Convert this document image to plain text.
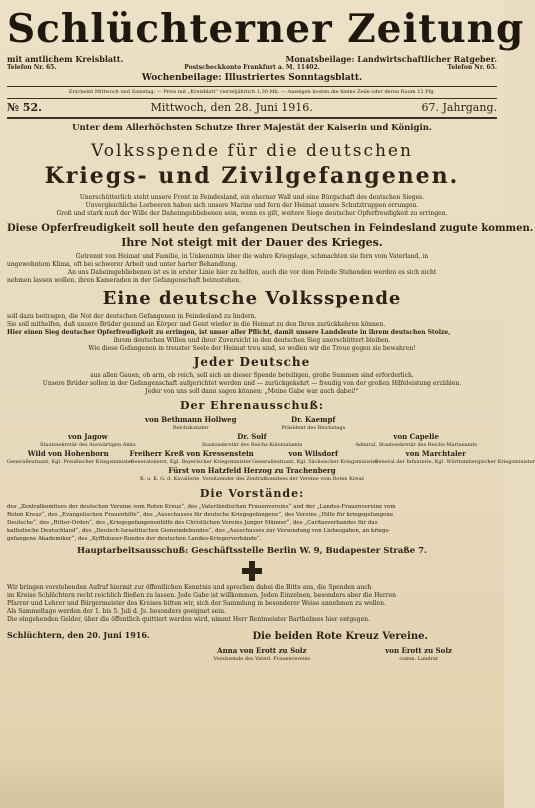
Schlüchterner Zeitung
mit amtlichem Kreisblatt.	Monatsbeilage: Landwirtschaftlicher Ratgeber.
Telefon Nr. 65.	Postscheckkonto Frankfurt a. M. 11402.	Telefon Nr. 65.
Wochenbeilage: Illustriertes Sonntagsblatt.
Erscheint Mittwoch und Samstag. — Preis mit „Kreisblatt“ vierteljährlich 1,30 Mk. — Anzeigen kosten die kleine Zeile oder deren Raum 12 Pfg.
№ 52.	Mittwoch, den 28. Juni 1916.	67. Jahrgang.
Unter dem Allerhöchsten Schutze Ihrer Majestät der Kaiserin und Königin.
Volksspende für die deutschen
Kriegs- und Zivilgefangenen.
Unerschütterlich steht unsere Front in Feindesland, ein eherner Wall und eine Bürgschaft des deutschen Sieges.
Unvergleichliche Lorbeeren haben sich unsere Marine und fern der Heimat unsere Schutztruppen errungen.
Groß und stark muß der Wille der Daheimgebliebenen sein, wenn es gilt, weitere Siege deutscher Opferfreudigkeit zu erringen.
Diese Opferfreudigkeit soll heute den gefangenen Deutschen in Feindesland zugute kommen.
Ihre Not steigt mit der Dauer des Krieges.
Getrennt von Heimat und Familie, in Unkenntnis über die wahre Kriegslage, schmachten sie fern vom Vaterland, in
ungewohntem Klima, oft bei schwerer Arbeit und unter harter Behandlung.
An uns Daheimgebliebenen ist es in erster Linie hier zu helfen, auch die vor dem Feinde Stehenden werden es sich nicht
nehmen lassen wollen, ihren Kameraden in der Gefangenschaft beizustehen.
Eine deutsche Volksspende
soll dazu beitragen, die Not der deutschen Gefangenen in Feindesland zu lindern.
Sie soll mithelfen, daß unsere Brüder gesund an Körper und Geist wieder in die Heimat zu den Ihren zurückkehren können.
Hier einen Sieg deutscher Opferfreudigkeit zu erringen, ist unser aller Pflicht, damit unsere Landsleute in ihrem deutschen Stolze,
ihrem deutschen Willen und ihrer Zuversicht in den deutschen Sieg unerschüttert bleiben.
Wie diese Gefangenen in treuster Seele der Heimat treu sind, so wollen wir die Treue gegen sie bewahren!
Jeder Deutsche
aus allen Gauen, ob arm, ob reich, soll sich an dieser Spende beteiligen, große Summen sind erforderlich.
Unsere Brüder sollen in der Gefangenschaft aufgerichtet werden und — zurückgekehrt — freudig von der großen Hilfeleistung erzählen.
Jeder von uns soll dann sagen können: „Meine Gabe war auch dabei!“
Der Ehrenausschuß:
von Bethmann Hollweg
Reichskanzler
Dr. Kaempf
Präsident des Reichstags
von Jagow
Staatssekretär des Auswärtigen Amts
Dr. Solf
Staatssekretär des Reichs-Kolonialamts
von Capelle
Admiral, Staatssekretär des Reichs-Marineamts
Wild von Hohenborn
Generalleutnant, Kgl. Preußischer Kriegsminister
Freiherr Kreß von Kressenstein
Generaloberst, Kgl. Bayerischer Kriegsminister
von Wilsdorf
Generalleutnant, Kgl. Sächsischer Kriegsminister
von Marchtaler
General der Infanterie, Kgl. Württembergischer Kriegsminister
Fürst von Hatzfeld Herzog zu Trachenberg
K. u. K. G. d. Kavallerie, Vorsitzender des Zentralkomitees der Vereine vom Roten Kreuz
Die Vorstände:
des „Zentralkomitees der deutschen Vereine vom Roten Kreuz“, des „Vaterländischen Frauenvereins“ und der „Landes-Frauenvereine vom
Roten Kreuz“, des „Evangelischen Frauenhilfe“, des „Ausschusses für deutsche Kriegsgefangene“, des Vereins „Hilfe für kriegsgefangene
Deutsche“, des „Ritter-Orden“, des „Kriegsgefangenenhilfe des Christlichen Vereins Junger Männer“, des „Caritasverbandes für das
katholische Deutschland“, des „Deutsch-Israelitischen Gemeindebundes“, des „Ausschusses zur Versendung von Liebesgaben, an kriegs-
gefangene Akademiker“, des „Kyffhäuser-Bundes der deutschen Landes-Kriegerverbände“.
Hauptarbeitsausschuß: Geschäftsstelle Berlin W. 9, Budapester Straße 7.
Wir bringen vorstehenden Aufruf hiermit zur öffentlichen Kenntnis und sprechen dabei die Bitte aus, die Spenden auch
im Kreise Schlüchtern recht reichlich fließen zu lassen. Jede Gabe ist willkommen. Jeden Einzelnen, besonders aber die Herren
Pfarrer und Lehrer und Bürgermeister des Kreises bitten wir, sich der Sammlung in besonderer Weise annehmen zu wollen.
Als Sammeltage werden der 1. bis 5. Juli d. Js. besonders geeignet sein.
Die eingehenden Gelder, über die öffentlich quittiert werden wird, nimmt Herr Rentmeister Barthelmes hier entgegen.
Schlüchtern, den 20. Juni 1916.	Die beiden Rote Kreuz Vereine.
Anna von Erott zu Solz
Vorsitzende des Vaterl. Frauenvereins
von Erott zu Solz
comm. Landrat
